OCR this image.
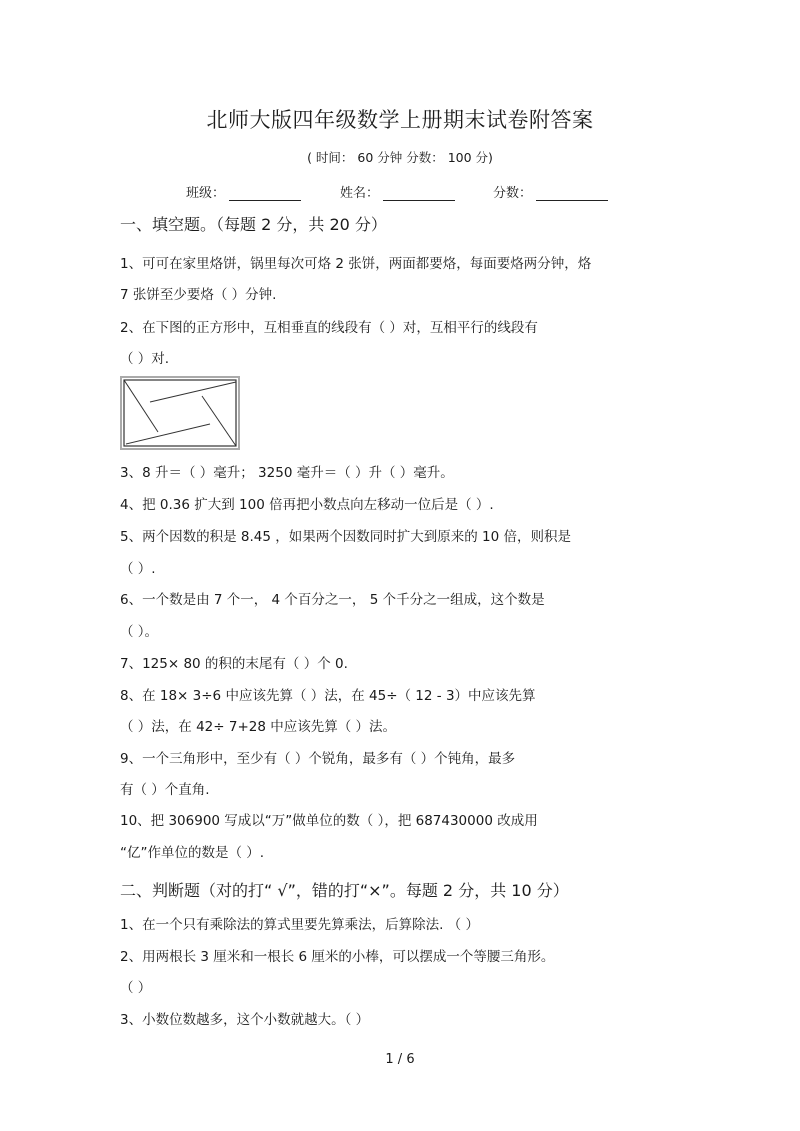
北师大版四年级数学上册期末试卷附答案
( 时间： 60 分钟 分数： 100 分)
班级：	姓名：	分数：
一、填空题。（每题 2 分，共 20 分）
1、可可在家里烙饼，锅里每次可烙 2 张饼，两面都要烙，每面要烙两分钟，烙
7 张饼至少要烙（ ）分钟.
2、在下图的正方形中，互相垂直的线段有（ ）对，互相平行的线段有
（ ）对.
3、8 升＝（ ）毫升； 3250 毫升＝（ ）升（ ）毫升。
4、把 0.36 扩大到 100 倍再把小数点向左移动一位后是（ ）.
5、两个因数的积是 8.45 ，如果两个因数同时扩大到原来的 10 倍，则积是
（ ）.
6、一个数是由 7 个一， 4 个百分之一， 5 个千分之一组成，这个数是
（ ）。
7、125× 80 的积的末尾有（ ）个 0.
8、在 18× 3÷6 中应该先算（ ）法，在 45÷（ 12 - 3）中应该先算
（ ）法，在 42÷ 7+28 中应该先算（ ）法。
9、一个三角形中，至少有（ ）个锐角，最多有（ ）个钝角，最多
有（ ）个直角.
10、把 306900 写成以“万”做单位的数（ ），把 687430000 改成用
“亿”作单位的数是（ ）.
二、判断题（对的打“ √”，错的打“×”。每题 2 分，共 10 分）
1、在一个只有乘除法的算式里要先算乘法，后算除法. （ ）
2、用两根长 3 厘米和一根长 6 厘米的小棒，可以摆成一个等腰三角形。
（ ）
3、小数位数越多，这个小数就越大。（ ）
1 / 6
